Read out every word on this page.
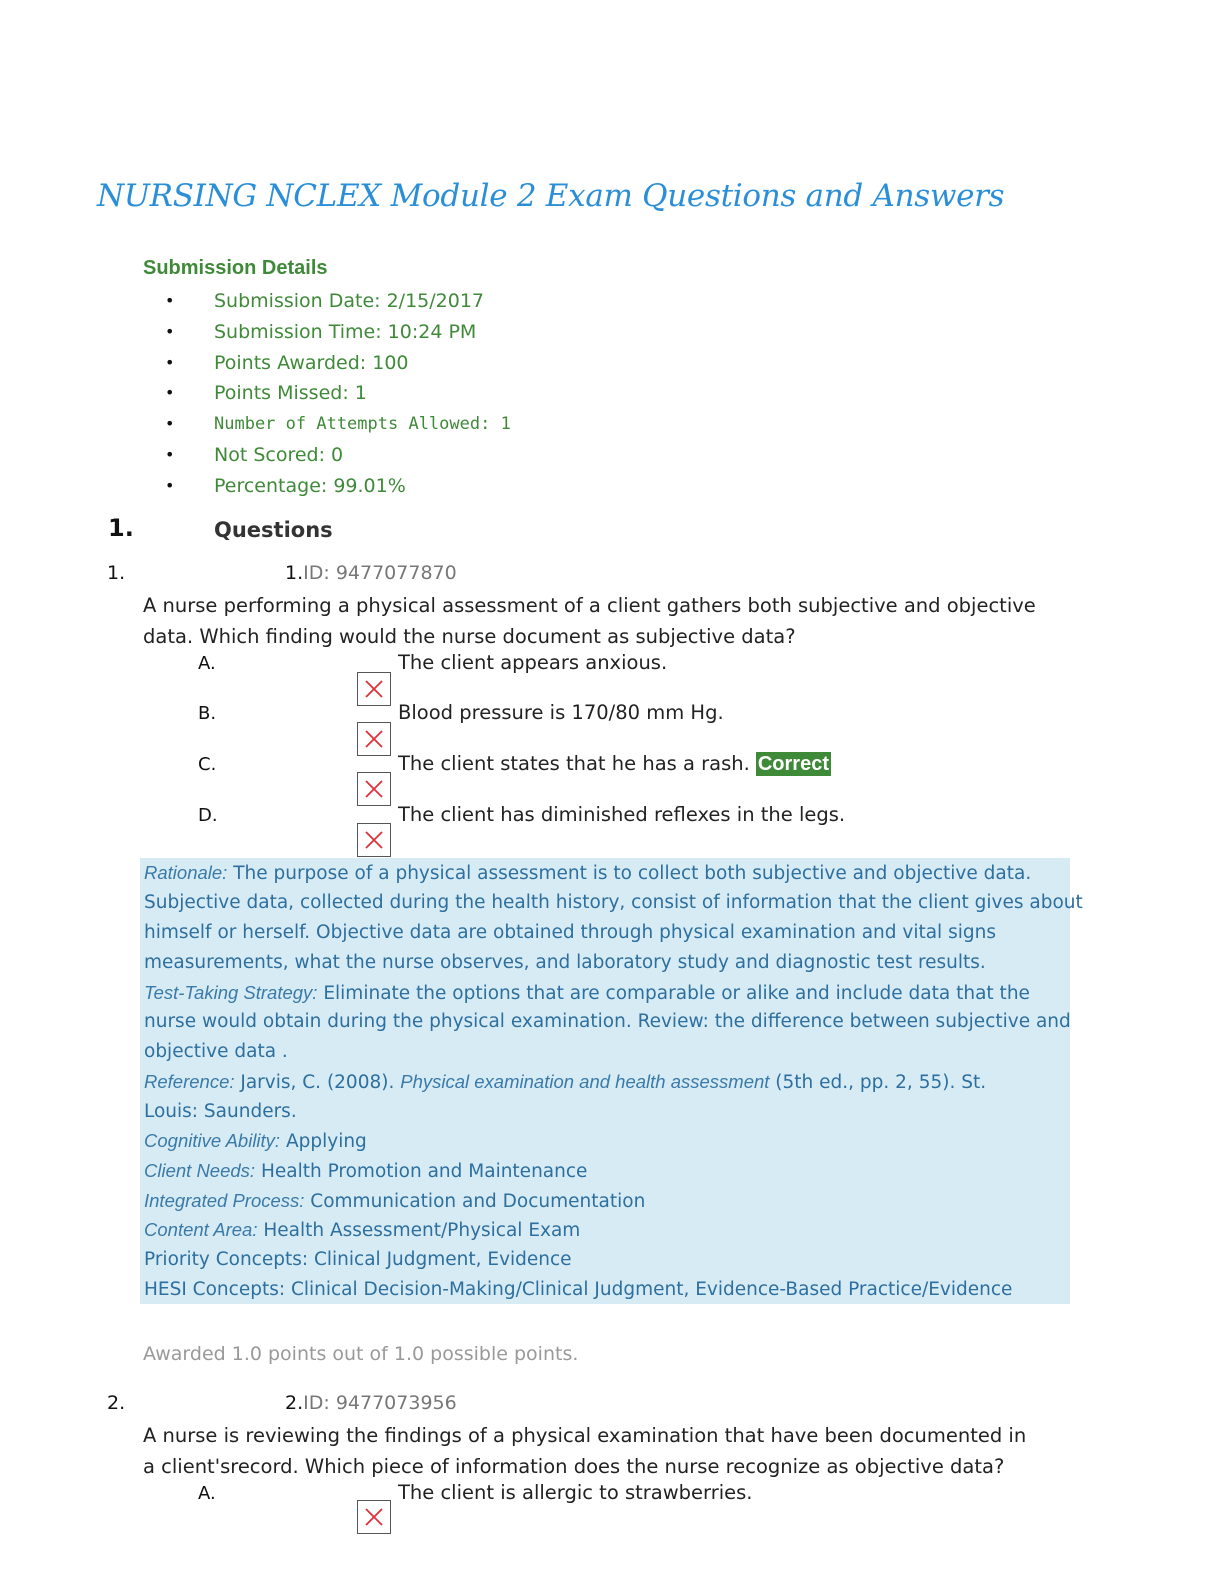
NURSING NCLEX Module 2 Exam Questions and Answers
Submission Details
• Submission Date: 2/15/2017
• Submission Time: 10:24 PM
• Points Awarded: 100
• Points Missed: 1
• Number of Attempts Allowed: 1
• Not Scored: 0
• Percentage: 99.01%
1.	Questions
1.	1.ID: 9477077870
A nurse performing a physical assessment of a client gathers both subjective and objective data. Which finding would the nurse document as subjective data?
A.	The client appears anxious.
B.	Blood pressure is 170/80 mm Hg.
C.	The client states that he has a rash. Correct
D.	The client has diminished reflexes in the legs.
Rationale: The purpose of a physical assessment is to collect both subjective and objective data.
Subjective data, collected during the health history, consist of information that the client gives about
himself or herself. Objective data are obtained through physical examination and vital signs
measurements, what the nurse observes, and laboratory study and diagnostic test results.
Test-Taking Strategy: Eliminate the options that are comparable or alike and include data that the
nurse would obtain during the physical examination. Review: the difference between subjective and
objective data .
Reference: Jarvis, C. (2008). Physical examination and health assessment (5th ed., pp. 2, 55). St.
Louis: Saunders.
Cognitive Ability: Applying
Client Needs: Health Promotion and Maintenance
Integrated Process: Communication and Documentation
Content Area: Health Assessment/Physical Exam
Priority Concepts: Clinical Judgment, Evidence
HESI Concepts: Clinical Decision-Making/Clinical Judgment, Evidence-Based Practice/Evidence
Awarded 1.0 points out of 1.0 possible points.
2.	2.ID: 9477073956
A nurse is reviewing the findings of a physical examination that have been documented in a client'srecord. Which piece of information does the nurse recognize as objective data?
A.	The client is allergic to strawberries.
